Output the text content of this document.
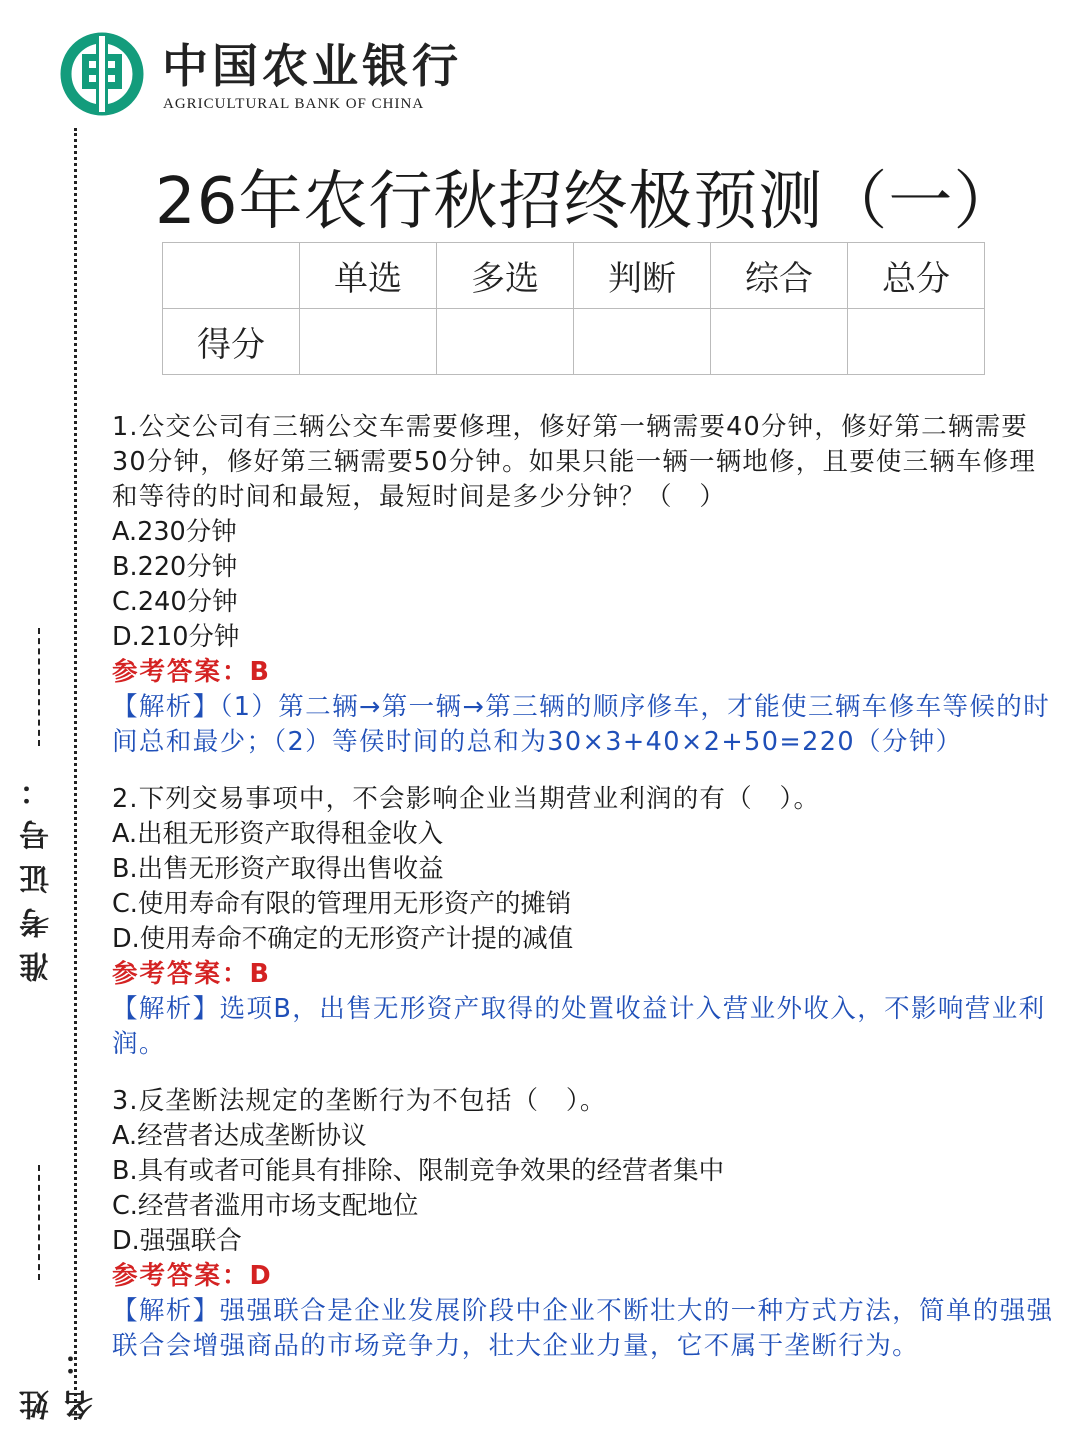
中国农业银行
AGRICULTURAL BANK OF CHINA
26年农行秋招终极预测（一）
	单选	多选	判断	综合	总分
得分					

1.公交公司有三辆公交车需要修理，修好第一辆需要40分钟，修好第二辆需要30分钟，修好第三辆需要50分钟。如果只能一辆一辆地修，且要使三辆车修理和等待的时间和最短，最短时间是多少分钟？（　）

A.230分钟

B.220分钟

C.240分钟

D.210分钟

参考答案：B

【解析】（1）第二辆→第一辆→第三辆的顺序修车，才能使三辆车修车等候的时间总和最少；（2）等侯时间的总和为30×3+40×2+50=220（分钟）

2.下列交易事项中，不会影响企业当期营业利润的有（　）。

A.出租无形资产取得租金收入

B.出售无形资产取得出售收益

C.使用寿命有限的管理用无形资产的摊销

D.使用寿命不确定的无形资产计提的减值

参考答案：B

【解析】选项B，出售无形资产取得的处置收益计入营业外收入，不影响营业利润。

3.反垄断法规定的垄断行为不包括（　）。

A.经营者达成垄断协议

B.具有或者可能具有排除、限制竞争效果的经营者集中

C.经营者滥用市场支配地位

D.强强联合

参考答案：D

【解析】强强联合是企业发展阶段中企业不断壮大的一种方式方法，简单的强强联合会增强商品的市场竞争力，壮大企业力量，它不属于垄断行为。

准考证号：
姓名：
